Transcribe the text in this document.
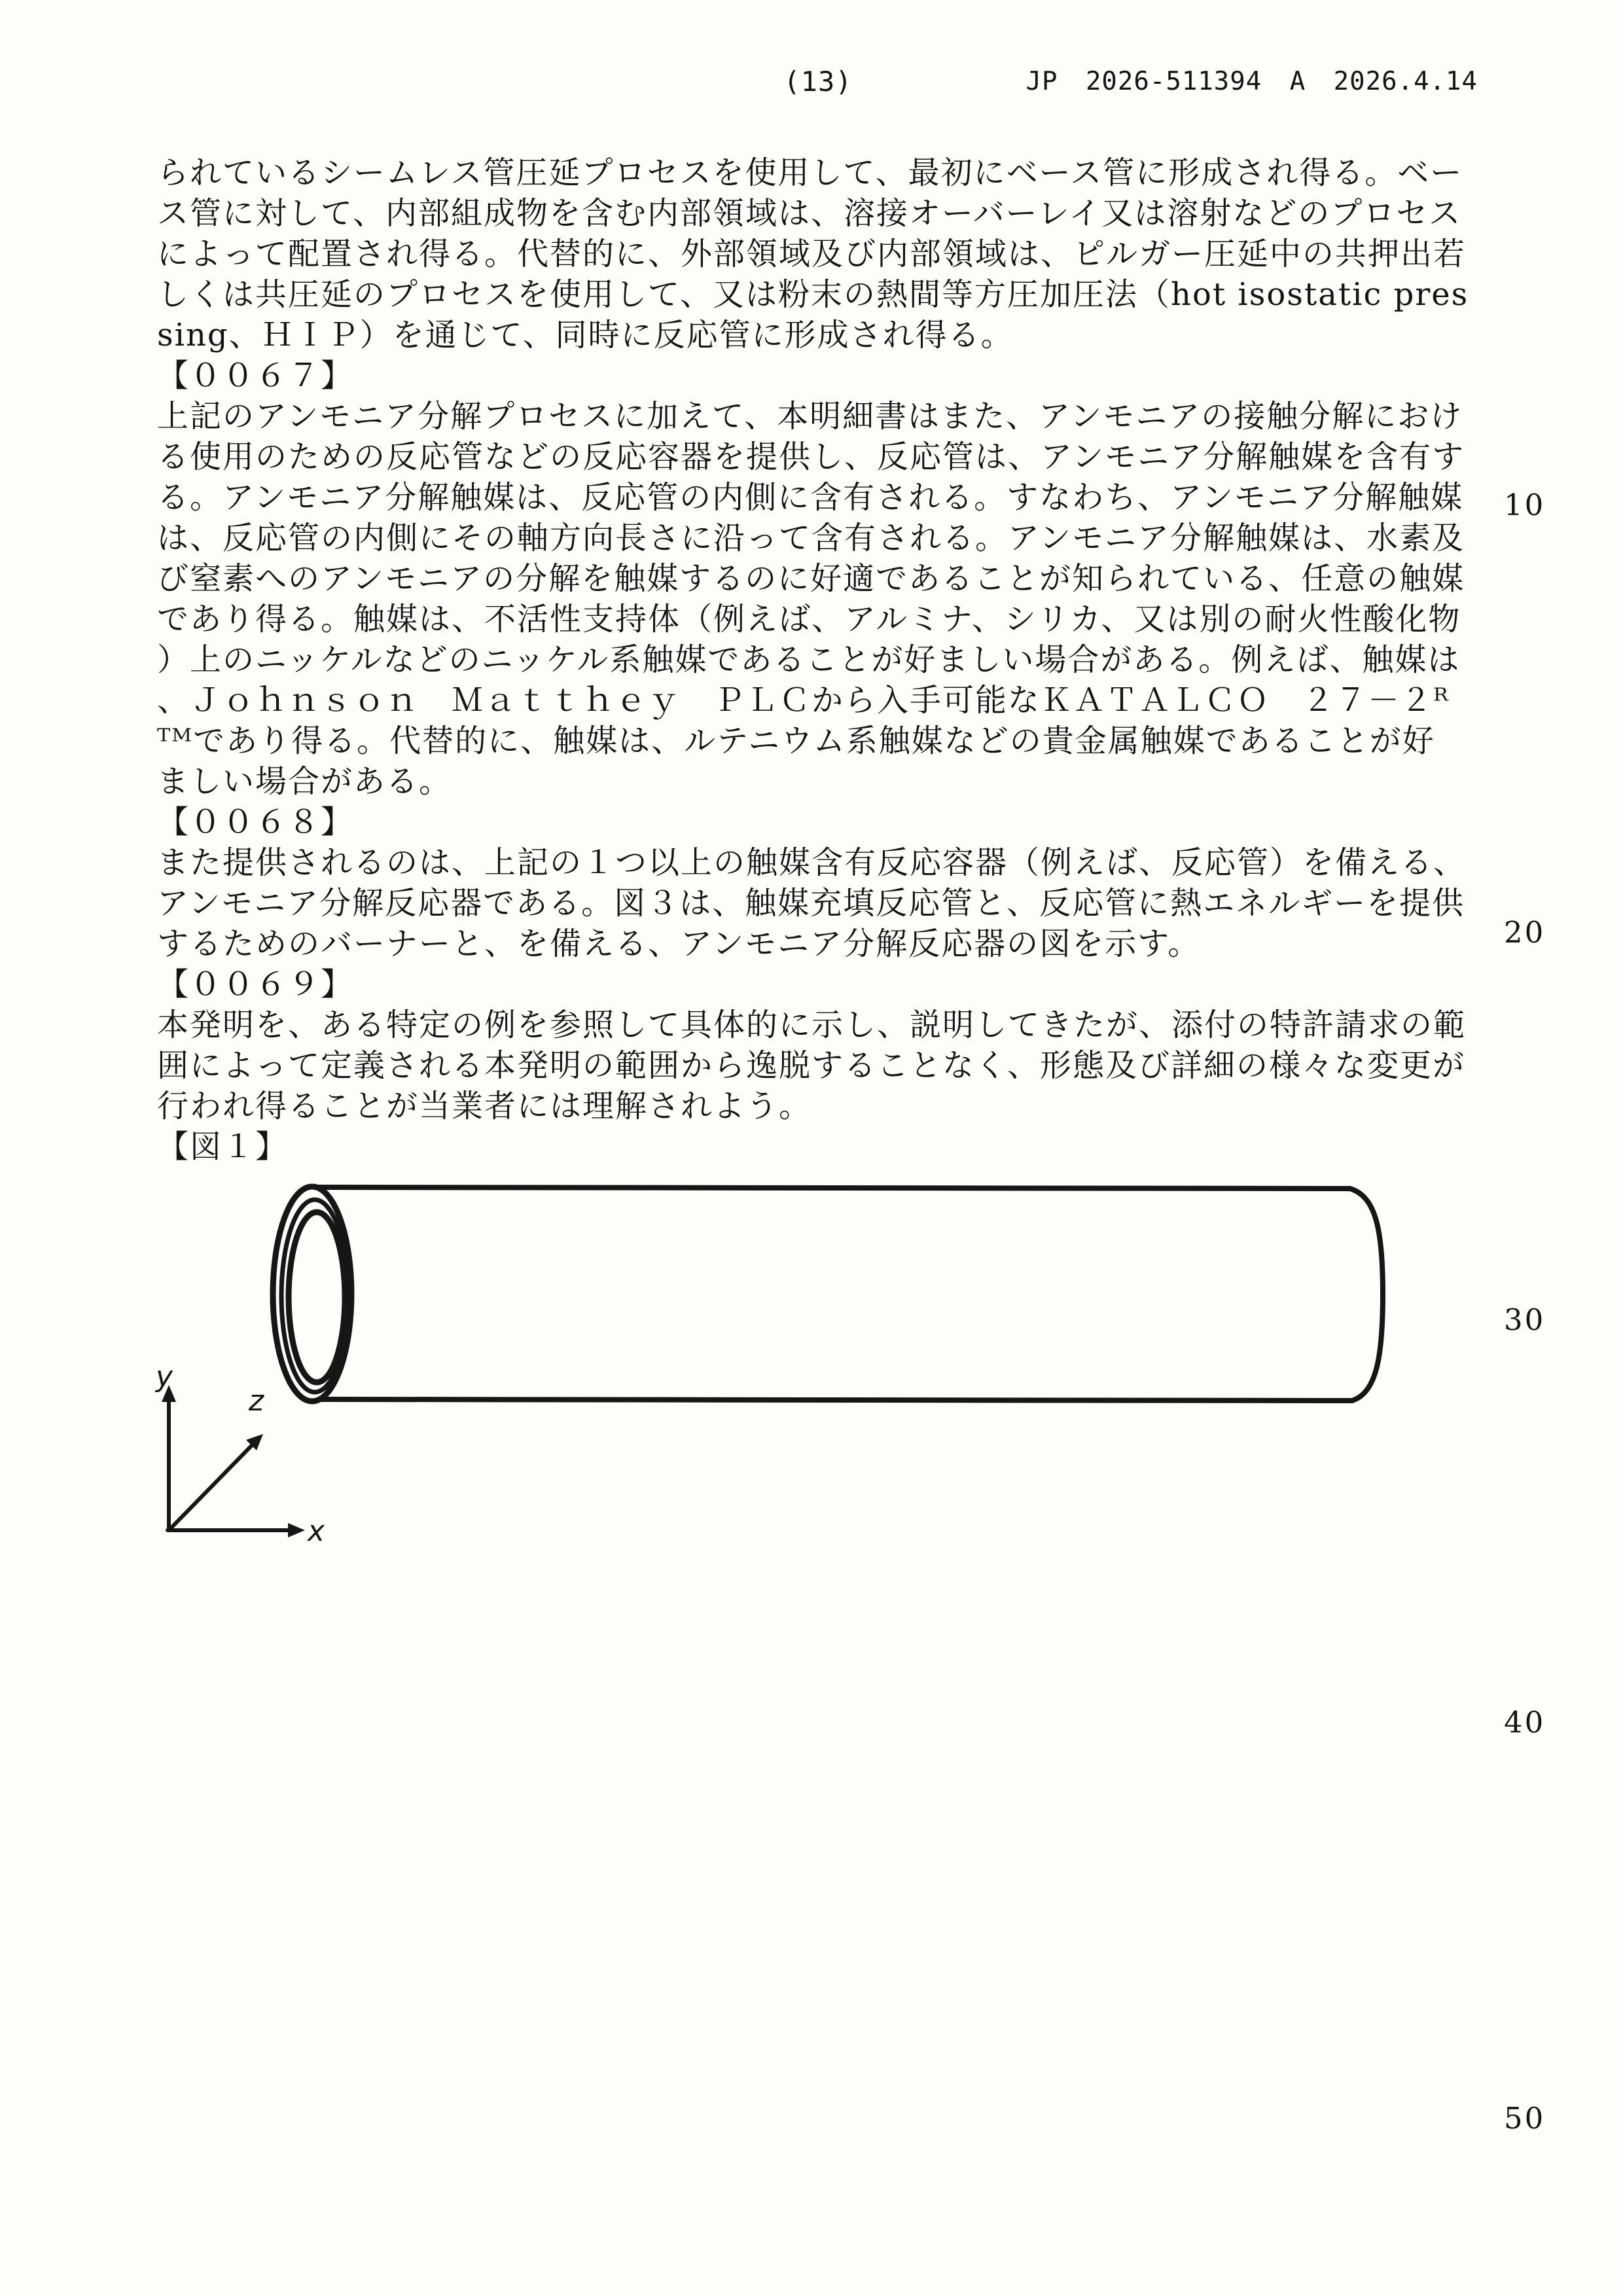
(13)	JP 2026-511394 A 2026.4.14
10
20
30
40
50
られているシームレス管圧延プロセスを使用して、最初にベース管に形成され得る。ベー
ス管に対して、内部組成物を含む内部領域は、溶接オーバーレイ又は溶射などのプロセス
によって配置され得る。代替的に、外部領域及び内部領域は、ピルガー圧延中の共押出若
しくは共圧延のプロセスを使用して、又は粉末の熱間等方圧加圧法（hot isostatic pres
sing、ＨＩＰ）を通じて、同時に反応管に形成され得る。
【００６７】
上記のアンモニア分解プロセスに加えて、本明細書はまた、アンモニアの接触分解におけ
る使用のための反応管などの反応容器を提供し、反応管は、アンモニア分解触媒を含有す
る。アンモニア分解触媒は、反応管の内側に含有される。すなわち、アンモニア分解触媒
は、反応管の内側にその軸方向長さに沿って含有される。アンモニア分解触媒は、水素及
び窒素へのアンモニアの分解を触媒するのに好適であることが知られている、任意の触媒
であり得る。触媒は、不活性支持体（例えば、アルミナ、シリカ、又は別の耐火性酸化物
）上のニッケルなどのニッケル系触媒であることが好ましい場合がある。例えば、触媒は
、Ｊｏｈｎｓｏｎ　Ｍａｔｔｈｅｙ　ＰＬＣから入手可能なＫＡＴＡＬＣＯ　２７－２ᴿ
ᵀᴹであり得る。代替的に、触媒は、ルテニウム系触媒などの貴金属触媒であることが好
ましい場合がある。
【００６８】
また提供されるのは、上記の１つ以上の触媒含有反応容器（例えば、反応管）を備える、
アンモニア分解反応器である。図３は、触媒充填反応管と、反応管に熱エネルギーを提供
するためのバーナーと、を備える、アンモニア分解反応器の図を示す。
【００６９】
本発明を、ある特定の例を参照して具体的に示し、説明してきたが、添付の特許請求の範
囲によって定義される本発明の範囲から逸脱することなく、形態及び詳細の様々な変更が
行われ得ることが当業者には理解されよう。
【図１】
y
z
x
